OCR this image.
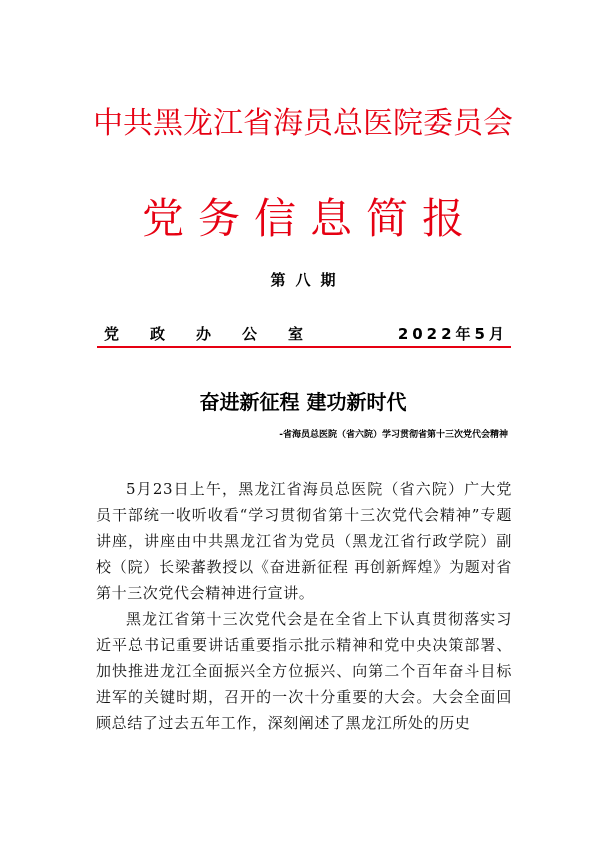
中共黑龙江省海员总医院委员会
党务信息简报
第八期
党政办公室	2022年5月
奋进新征程 建功新时代
-省海员总医院（省六院）学习贯彻省第十三次党代会精神

5月23日上午，黑龙江省海员总医院（省六院）广大党员干部统一收听收看“学习贯彻省第十三次党代会精神”专题讲座，讲座由中共黑龙江省为党员（黑龙江省行政学院）副校（院）长梁蕃教授以《奋进新征程 再创新辉煌》为题对省第十三次党代会精神进行宣讲。

黑龙江省第十三次党代会是在全省上下认真贯彻落实习近平总书记重要讲话重要指示批示精神和党中央决策部署、加快推进龙江全面振兴全方位振兴、向第二个百年奋斗目标进军的关键时期，召开的一次十分重要的大会。大会全面回顾总结了过去五年工作，深刻阐述了黑龙江所处的历史
